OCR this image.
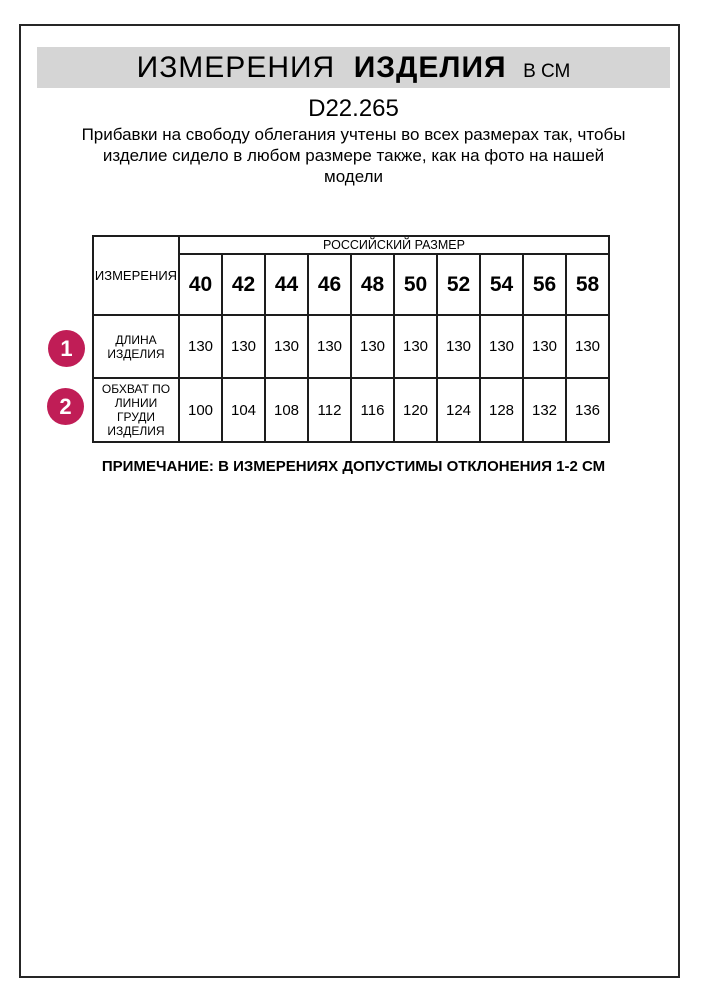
ИЗМЕРЕНИЯ ИЗДЕЛИЯ В СМ
D22.265
Прибавки на свободу облегания учтены во всех размерах так, чтобы
изделие сидело в любом размере также, как на фото на нашей
модели
ИЗМЕРЕНИЯ	РОССИЙСКИЙ РАЗМЕР									
	40	42	44	46	48	50	52	54	56	58

ДЛИНА
ИЗДЕЛИЯ	130	130	130	130	130	130	130	130	130	130

ОБХВАТ ПО
ЛИНИИ
ГРУДИ
ИЗДЕЛИЯ	100	104	108	112	116	120	124	128	132	136
1
2
ПРИМЕЧАНИЕ: В ИЗМЕРЕНИЯХ ДОПУСТИМЫ ОТКЛОНЕНИЯ 1-2 СМ
